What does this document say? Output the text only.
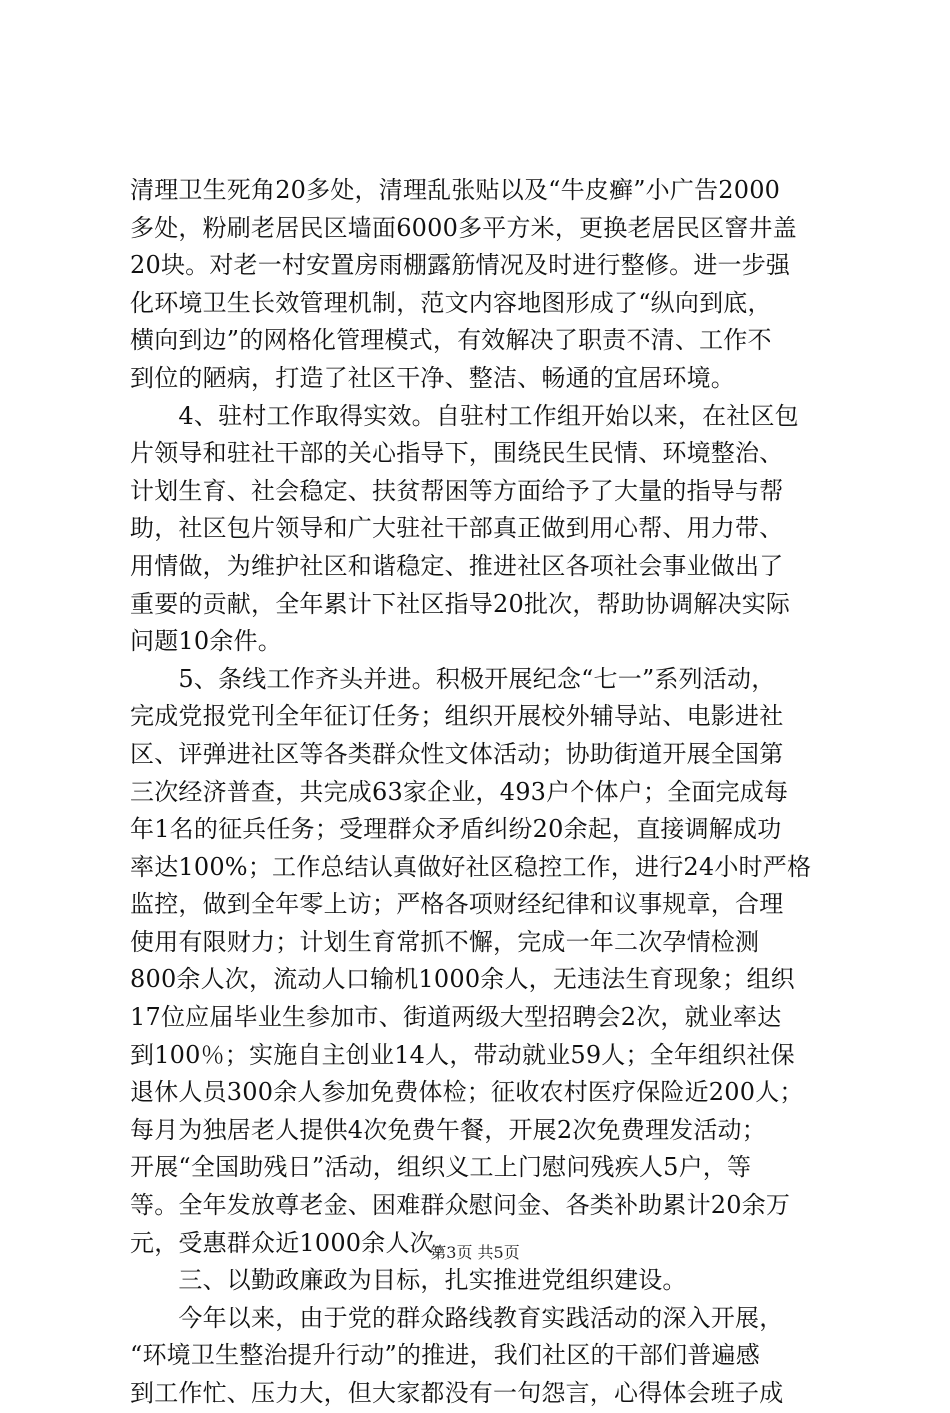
清理卫生死角20多处，清理乱张贴以及“牛皮癣”小广告2000
多处，粉刷老居民区墙面6000多平方米，更换老居民区窨井盖
20块。对老一村安置房雨棚露筋情况及时进行整修。进一步强
化环境卫生长效管理机制，范文内容地图形成了“纵向到底，
横向到边”的网格化管理模式，有效解决了职责不清、工作不
到位的陋病，打造了社区干净、整洁、畅通的宜居环境。
　　4、驻村工作取得实效。自驻村工作组开始以来，在社区包
片领导和驻社干部的关心指导下，围绕民生民情、环境整治、
计划生育、社会稳定、扶贫帮困等方面给予了大量的指导与帮
助，社区包片领导和广大驻社干部真正做到用心帮、用力带、
用情做，为维护社区和谐稳定、推进社区各项社会事业做出了
重要的贡献，全年累计下社区指导20批次，帮助协调解决实际
问题10余件。
　　5、条线工作齐头并进。积极开展纪念“七一”系列活动，
完成党报党刊全年征订任务；组织开展校外辅导站、电影进社
区、评弹进社区等各类群众性文体活动；协助街道开展全国第
三次经济普查，共完成63家企业，493户个体户；全面完成每
年1名的征兵任务；受理群众矛盾纠纷20余起，直接调解成功
率达100%；工作总结认真做好社区稳控工作，进行24小时严格
监控，做到全年零上访；严格各项财经纪律和议事规章，合理
使用有限财力；计划生育常抓不懈，完成一年二次孕情检测
800余人次，流动人口输机1000余人，无违法生育现象；组织
17位应届毕业生参加市、街道两级大型招聘会2次，就业率达
到100％；实施自主创业14人，带动就业59人；全年组织社保
退休人员300余人参加免费体检；征收农村医疗保险近200人；
每月为独居老人提供4次免费午餐，开展2次免费理发活动；
开展“全国助残日”活动，组织义工上门慰问残疾人5户，等
等。全年发放尊老金、困难群众慰问金、各类补助累计20余万
元，受惠群众近1000余人次。
　　三、以勤政廉政为目标，扎实推进党组织建设。
　　今年以来，由于党的群众路线教育实践活动的深入开展，
“环境卫生整治提升行动”的推进，我们社区的干部们普遍感
到工作忙、压力大，但大家都没有一句怨言，心得体会班子成
第3页 共5页
